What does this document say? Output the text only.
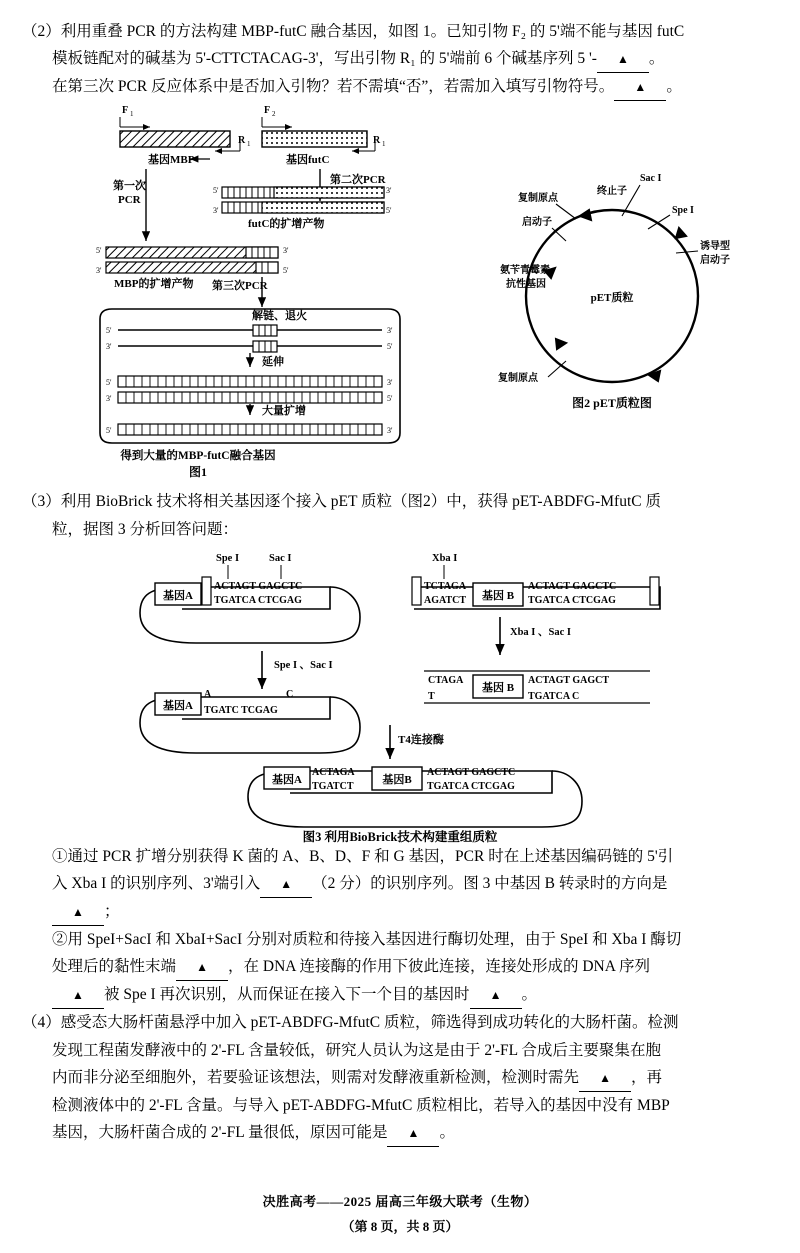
（2）利用重叠 PCR 的方法构建 MBP-futC 融合基因，如图 1。已知引物 F₂ 的 5'端不能与基因 futC
模板链配对的碱基为 5'-CTTCTACAG-3'，写出引物 R₁ 的 5'端前 6 个碱基序列 5 '- ▲ 。
在第三次 PCR 反应体系中是否加入引物？若不需填“否”，若需加入填写引物符号。 ▲ 。
F 1
R 1
基因MBP
F 2
R 1
基因futC
第二次PCR
5'	3'
3'	5'
futC的扩增产物
第一次
PCR
5'	3'
3'	5'
MBP的扩增产物 第三次PCR
解链、退火
5'	3'
3'	5'
延伸
5'	3'
3'	5'
大量扩增
5'	3'
得到大量的MBP-futC融合基因
图1
pET质粒
Sac I
Spe I
终止子
复制原点
启动子
诱导型
启动子
氨苄青霉素
抗性基因
复制原点
图2 pET质粒图
（3）利用 BioBrick 技术将相关基因逐个接入 pET 质粒（图2）中，获得 pET-ABDFG-MfutC 质
粒，据图 3 分析回答问题：
Spe I	Sac I
基因A
ACTAGT GAGCTC
TGATCA CTCGAG
Xba I
TCTAGA
AGATCT 基因 B
ACTAGT GAGCTC
TGATCA CTCGAG
Spe I 、Sac I
Xba I 、Sac I
基因A
A	C
TGATC TCGAG
CTAGA
T
基因 B
ACTAGT GAGCT
TGATCA C
T4连接酶
基因A
ACTAGA
TGATCT
基因B
ACTAGT GAGCTC
TGATCA CTCGAG
图3 利用BioBrick技术构建重组质粒
①通过 PCR 扩增分别获得 K 菌的 A、B、D、F 和 G 基因，PCR 时在上述基因编码链的 5'引
入 Xba I 的识别序列、3'端引入 ▲ （2 分）的识别序列。图 3 中基因 B 转录时的方向是
▲ ；
②用 SpeI+SacI 和 XbaI+SacI 分别对质粒和待接入基因进行酶切处理，由于 SpeI 和 Xba I 酶切
处理后的黏性末端 ▲ ，在 DNA 连接酶的作用下彼此连接，连接处形成的 DNA 序列
▲ 被 Spe I 再次识别，从而保证在接入下一个目的基因时 ▲ 。
（4）感受态大肠杆菌悬浮中加入 pET-ABDFG-MfutC 质粒，筛选得到成功转化的大肠杆菌。检测
发现工程菌发酵液中的 2'-FL 含量较低，研究人员认为这是由于 2'-FL 合成后主要聚集在胞
内而非分泌至细胞外，若要验证该想法，则需对发酵液重新检测，检测时需先 ▲ ，再
检测液体中的 2'-FL 含量。与导入 pET-ABDFG-MfutC 质粒相比，若导入的基因中没有 MBP
基因，大肠杆菌合成的 2'-FL 量很低，原因可能是 ▲ 。
决胜高考——2025 届高三年级大联考（生物）
（第 8 页，共 8 页）
